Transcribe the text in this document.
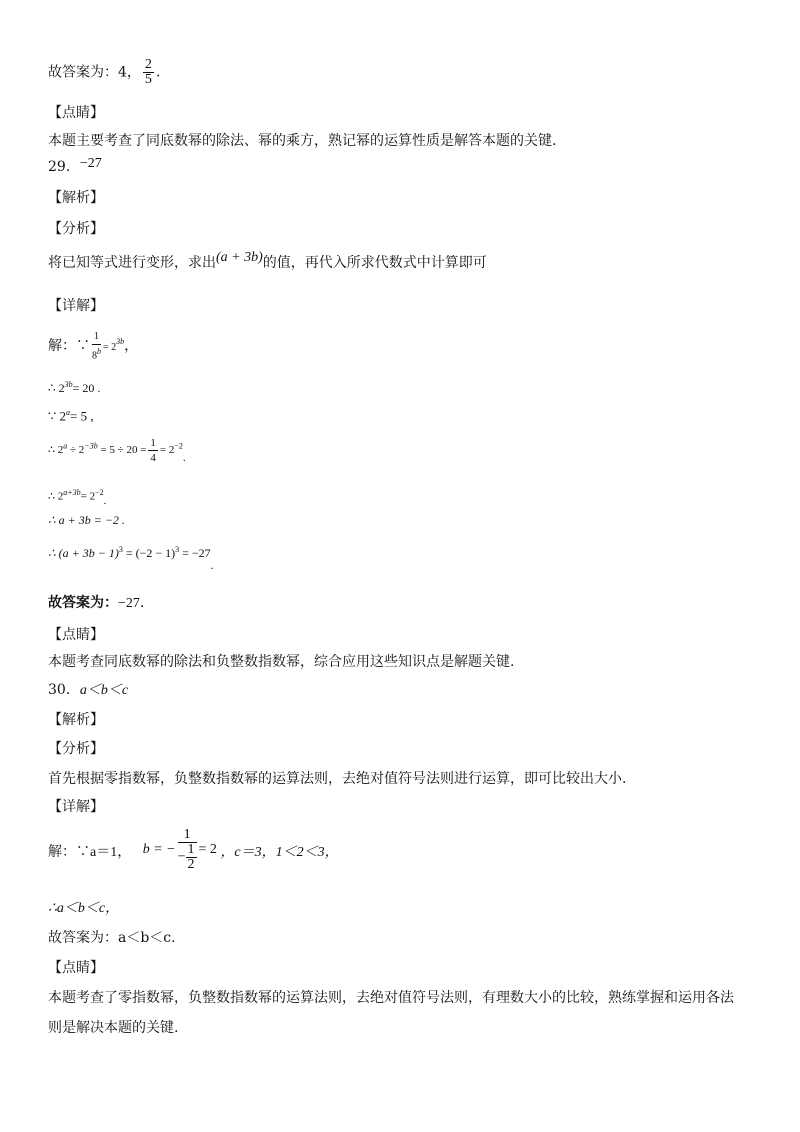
故答案为：4， $\frac{2}{5}$ .
【点睛】
本题主要考查了同底数幂的除法、幂的乘方，熟记幂的运算性质是解答本题的关键.
29．−27
【解析】
【分析】
将已知等式进行变形，求出(a + 3b)的值，再代入所求代数式中计算即可
【详解】
解：∵ $\frac{1}{8^b} = 2^{3b}$，
∴ $2^{3b}= 20$ .
∵ $2^a= 5$ ,
∴ $2^a \div 2^{-3b} = 5 \div 20 = \frac{1}{4} = 2^{-2}$.
∴ $2^{a+3b}= 2^{-2}$.
∴ a + 3b = −2 .
∴ $(a + 3b - 1)^3 = (-2 - 1)^3 = -27$.
故答案为：−27.
【点睛】
本题考查同底数幂的除法和负整数指数幂，综合应用这些知识点是解题关键.
30．a＜b＜c
【解析】
【分析】
首先根据零指数幂，负整数指数幂的运算法则，去绝对值符号法则进行运算，即可比较出大小.
【详解】
解：∵a＝1， b = − $\frac{1}{- \frac{1}{2}} = 2$ ，c＝3，1＜2＜3，
∴a＜b＜c，
故答案为：a＜b＜c.
【点睛】
本题考查了零指数幂，负整数指数幂的运算法则，去绝对值符号法则，有理数大小的比较，熟练掌握和运用各法
则是解决本题的关键.
